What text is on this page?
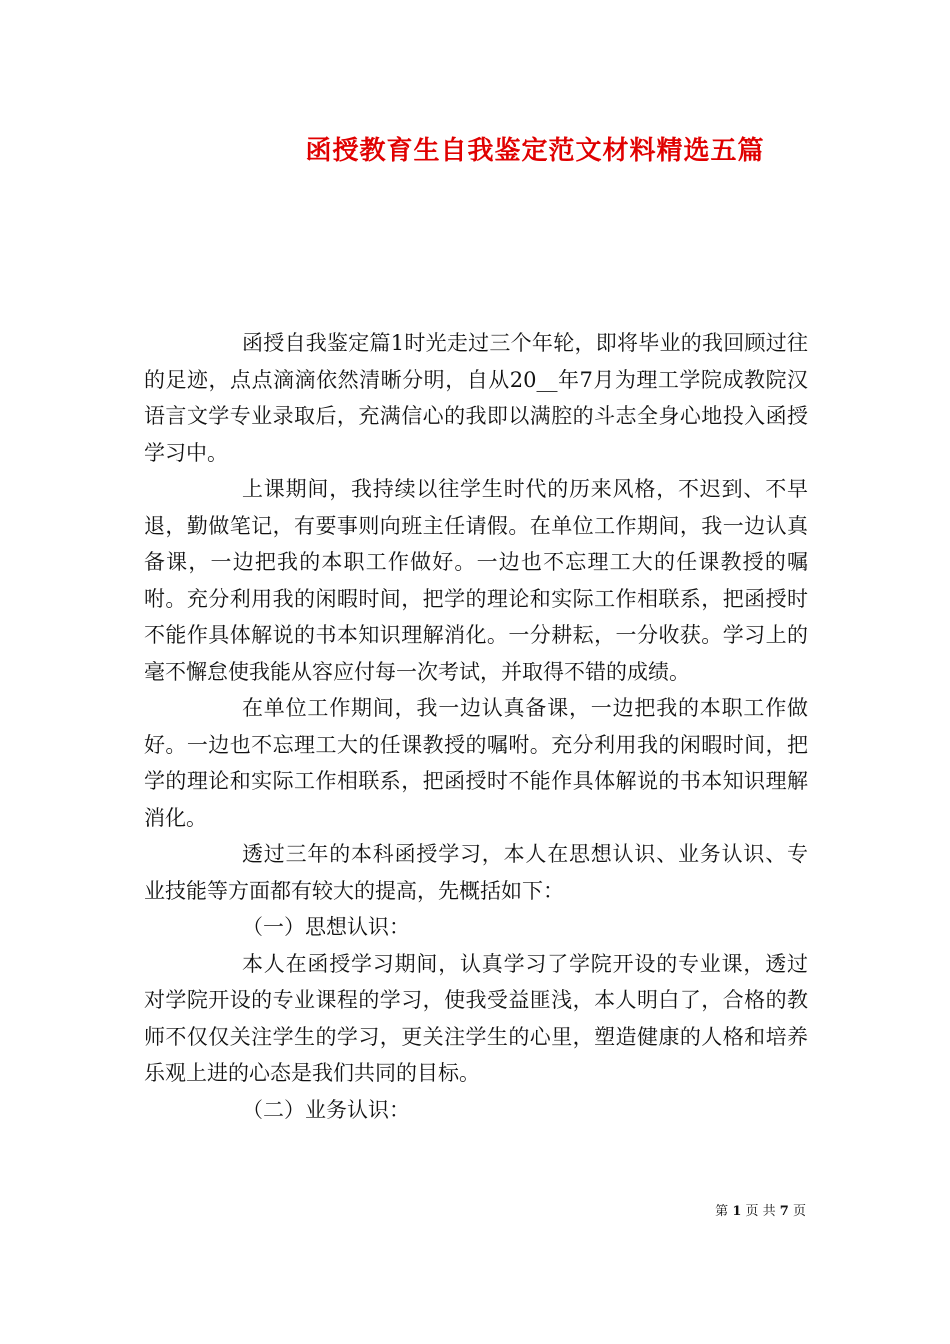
函授教育生自我鉴定范文材料精选五篇

函授自我鉴定篇1时光走过三个年轮，即将毕业的我回顾过往的足迹，点点滴滴依然清晰分明，自从20__年7月为理工学院成教院汉语言文学专业录取后，充满信心的我即以满腔的斗志全身心地投入函授学习中。

上课期间，我持续以往学生时代的历来风格，不迟到、不早退，勤做笔记，有要事则向班主任请假。在单位工作期间，我一边认真备课，一边把我的本职工作做好。一边也不忘理工大的任课教授的嘱咐。充分利用我的闲暇时间，把学的理论和实际工作相联系，把函授时不能作具体解说的书本知识理解消化。一分耕耘，一分收获。学习上的毫不懈怠使我能从容应付每一次考试，并取得不错的成绩。

在单位工作期间，我一边认真备课，一边把我的本职工作做好。一边也不忘理工大的任课教授的嘱咐。充分利用我的闲暇时间，把学的理论和实际工作相联系，把函授时不能作具体解说的书本知识理解消化。

透过三年的本科函授学习，本人在思想认识、业务认识、专业技能等方面都有较大的提高，先概括如下：

（一）思想认识：

本人在函授学习期间，认真学习了学院开设的专业课，透过对学院开设的专业课程的学习，使我受益匪浅，本人明白了，合格的教师不仅仅关注学生的学习，更关注学生的心里，塑造健康的人格和培养乐观上进的心态是我们共同的目标。

（二）业务认识：

第 1 页 共 7 页
